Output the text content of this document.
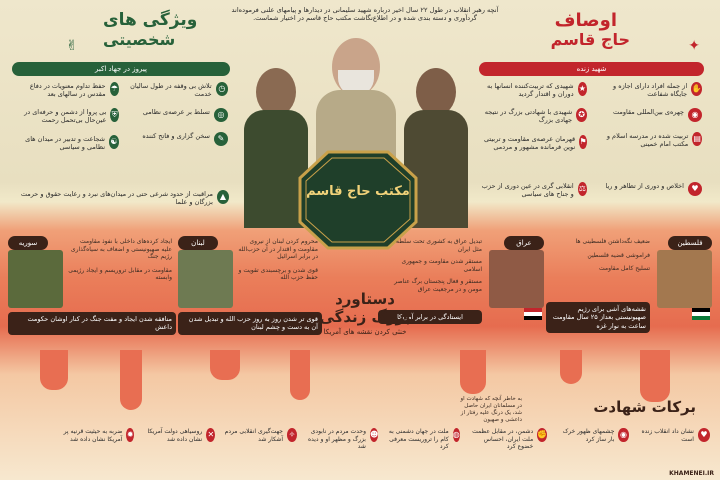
آنچه رهبر انقلاب در طول ۲۲ سال اخیر درباره شهید سلیمانی در دیدارها و پیامهای علنی فرموده‌اند گردآوری و دسته بندی شده و در اطلاع‌نگاشت مکتب حاج قاسم در اختیار شماست.	اوصاف
حاج قاسم	✦
شهید زنده
✋
از جمله افراد دارای اجازه و جایگاه شفاعت
◉
چهره‌ی بین‌المللی مقاومت
▤
تربیت شده در مدرسه اسلام و مکتب امام خمینی
★
شهیدی که تربیت‌کننده انسانها به دوران و اقتدار گردید
✪
شهیدی با شهادتی بزرگ در نتیجه جهادی بزرگ
⚑
قهرمان عرصه‌ی مقاومت و تربیتی نوین فرمانده مشهور و مردمی
♥
اخلاص و دوری از تظاهر و ریا
⚖
انقلابی گری در عین دوری از حزب و جناح های سیاسی
ویژگی های
شخصیتی
✌
پیروز در جهاد اکبر
◷
تلاش بی وقفه در طول سالیان خدمت
◎
تسلط بر عرصه‌ی نظامی
✎
سخن گزاری و فاتح کننده
☂
حفظ تداوم معنویات در دفاع مقدس در سالهای بعد
⛨
بی پروا از دشمن و حرفه‌ای در عین‌حال بی‌تحمل رحمت
☯
شجاعت و تدبیر در میدان های نظامی و سیاسی
▲
مراقبت از حدود شرعی حتی در میدان‌های نبرد و رعایت حقوق و حرمت بزرگان و علما
مکتب حاج قاسم
فلسطین
ضعیف نگه‌داشتن فلسطینی ها
فراموشی قضیه فلسطین
تسلیح کامل مقاومت
نقشه‌های آشی برای رژیم صهیونیستی بعداز ۲۵ سال مقاومت ساعت به نوار غزه
عراق
تبدیل عراق به کشوری تحت سلطه مثل ایران
مستقر شدن مقاومت و جمهوری اسلامی
مستقر و فعال پنجستان برگ عناصر مومن و در مرجعیت عراق
ایستادگی در برابر آمریکا
لبنان	محروم کردن لبنان از نیروی مقاومت و اقتدار در آن حزب‌الله در برابر اسرائیل
قوی شدن و برچسبندی تقویت و حفظ حزب الله
قوی تر شدن روز به روز حزب الله و تبدیل شدن آن به دست و چشم لبنان
سوریه	ایجاد کرده‌های داخلی با نفوذ مقاومت علیه صهیونیستی و اضعاف به سیاه‌گذاری رژیم جنگ
مقاومت در مقابل تروریسم و ایجاد رژیمی وابسته
منافقه شدن ایجاد و مفت جنگ در کنار اوشان حکومت داعش
دستاورد
بزرگ زندگی
خنثی کردن نقشه های آمریکا
برکات شهادت
به خاطر آنچه که شهادت او در مسلمانان ایران حاصل شد، یک درنگ علیه رفتار از داعشی و صهیون
♥
نشان داد انقلاب زنده است
◉
چشمهای ظهور خرک بار ساز کرد
✊
دشمن، در مقابل عظمت ملت ایران، احساس خضوع کرد
◍
ملت در جهان دشمنی به کام را تروریست معرفی کرد
☻
وحدت مردم در نابودی بزرگ و مظهر او و دیده شد
✧
جهت‌گیری انقلابی مردم آشکار شد
✕
روسیاهی دولت آمریکا نشان داده شد
✹
ضربه به حیثیت قرنیه پر آمریکا نشان داده شد
KHAMENEI.IR
